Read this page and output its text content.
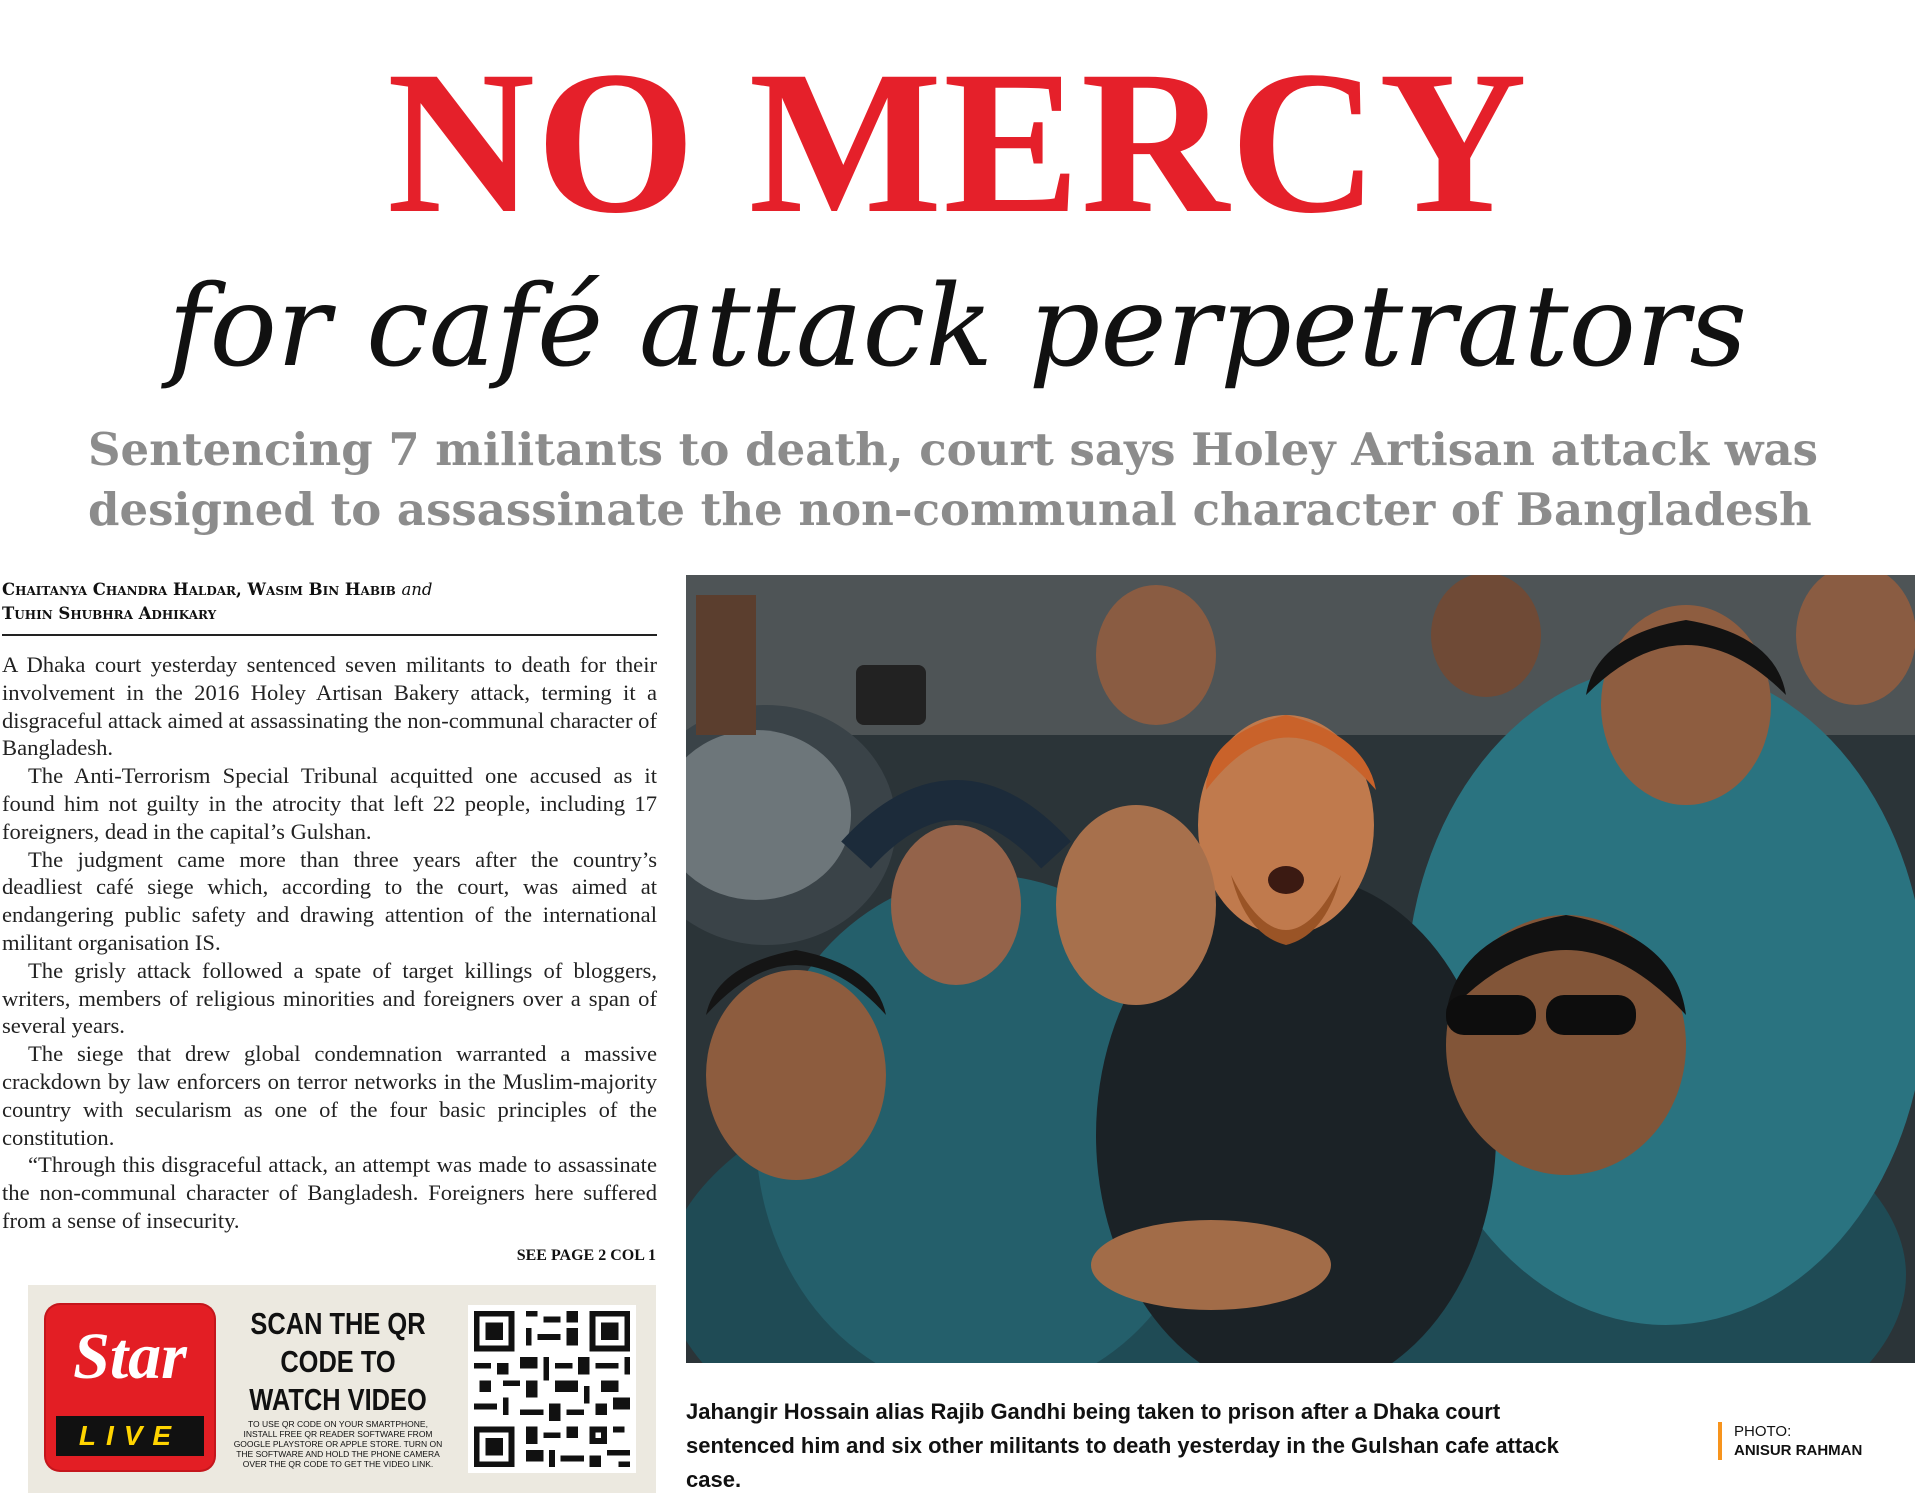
NO MERCY
for café attack perpetrators
Sentencing 7 militants to death, court says Holey Artisan attack was
designed to assassinate the non-communal character of Bangladesh
Chaitanya Chandra Haldar, Wasim Bin Habib and
Tuhin Shubhra Adhikary

A Dhaka court yesterday sentenced seven militants to death for their involvement in the 2016 Holey Artisan Bakery attack, terming it a disgraceful attack aimed at assassinating the non-communal character of Bangladesh.

The Anti-Terrorism Special Tribunal acquitted one accused as it found him not guilty in the atrocity that left 22 people, including 17 foreigners, dead in the capital’s Gulshan.

The judgment came more than three years after the country’s deadliest café siege which, according to the court, was aimed at endangering public safety and drawing attention of the international militant organisation IS.

The grisly attack followed a spate of target killings of bloggers, writers, members of religious minorities and foreigners over a span of several years.

The siege that drew global condemnation warranted a massive crackdown by law enforcers on terror networks in the Muslim-majority country with secularism as one of the four basic principles of the constitution.

“Through this disgraceful attack, an attempt was made to assassinate the non-communal character of Bangladesh. Foreigners here suffered from a sense of insecurity.

SEE PAGE 2 COL 1
Star
LIVE
SCAN THE QR CODE TO WATCH VIDEO
TO USE QR CODE ON YOUR SMARTPHONE, INSTALL FREE QR READER SOFTWARE FROM GOOGLE PLAYSTORE OR APPLE STORE. TURN ON THE SOFTWARE AND HOLD THE PHONE CAMERA OVER THE QR CODE TO GET THE VIDEO LINK.
Jahangir Hossain alias Rajib Gandhi being taken to prison after a Dhaka court sentenced him and six other militants to death yesterday in the Gulshan cafe attack case.
PHOTO:
ANISUR RAHMAN
